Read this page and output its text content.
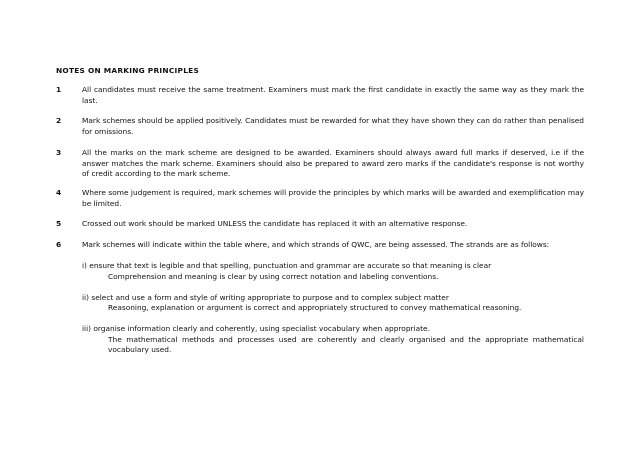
NOTES ON MARKING PRINCIPLES
1	All candidates must receive the same treatment. Examiners must mark the first candidate in exactly the same way as they mark the last.

2	Mark schemes should be applied positively. Candidates must be rewarded for what they have shown they can do rather than penalised for omissions.

3	All the marks on the mark scheme are designed to be awarded. Examiners should always award full marks if deserved, i.e if the answer matches the mark scheme. Examiners should also be prepared to award zero marks if the candidate's response is not worthy of credit according to the mark scheme.

4	Where some judgement is required, mark schemes will provide the principles by which marks will be awarded and exemplification may be limited.

5	Crossed out work should be marked UNLESS the candidate has replaced it with an alternative response.

6	Mark schemes will indicate within the table where, and which strands of QWC, are being assessed. The strands are as follows:

i) ensure that text is legible and that spelling, punctuation and grammar are accurate so that meaning is clear

Comprehension and meaning is clear by using correct notation and labeling conventions.

ii) select and use a form and style of writing appropriate to purpose and to complex subject matter

Reasoning, explanation or argument is correct and appropriately structured to convey mathematical reasoning.

iii) organise information clearly and coherently, using specialist vocabulary when appropriate.

The mathematical methods and processes used are coherently and clearly organised and the appropriate mathematical vocabulary used.
